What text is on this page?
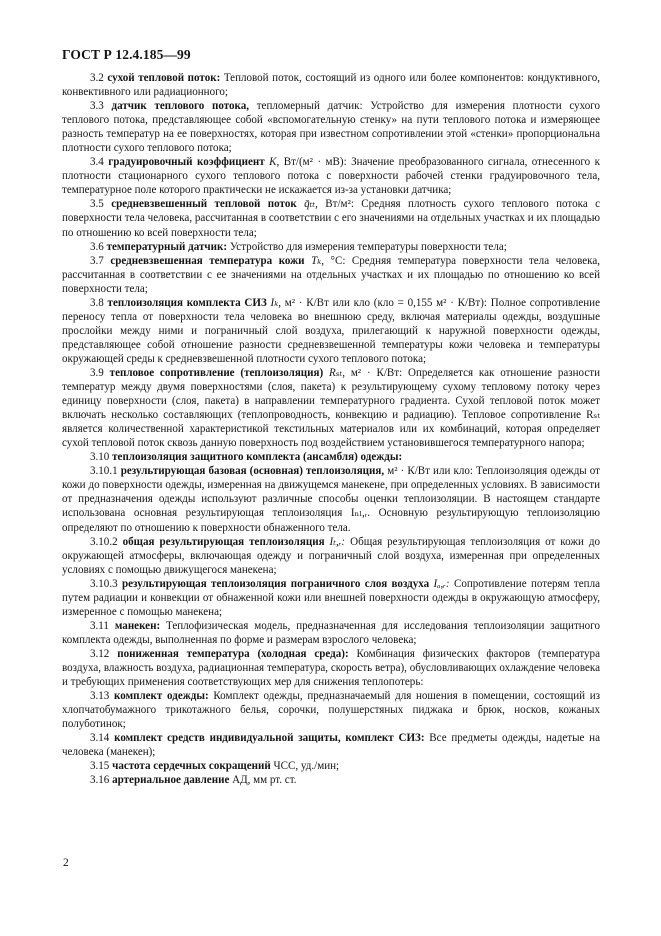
ГОСТ Р 12.4.185—99

3.2 сухой тепловой поток: Тепловой поток, состоящий из одного или более компонентов: кондуктивного, конвективного или радиационного;

3.3 датчик теплового потока, тепломерный датчик: Устройство для измерения плотности сухого теплового потока, представляющее собой «вспомогательную стенку» на пути теплового потока и измеряющее разность температур на ее поверхностях, которая при известном сопротивлении этой «стенки» пропорциональна плотности сухого теплового потока;

3.4 градуировочный коэффициент K, Вт/(м² · мВ): Значение преобразованного сигнала, отнесенного к плотности стационарного сухого теплового потока с поверхности рабочей стенки градуировочного тела, температурное поле которого практически не искажается из-за установки датчика;

3.5 средневзвешенный тепловой поток q̄ₜₜ, Вт/м²: Средняя плотность сухого теплового потока с поверхности тела человека, рассчитанная в соответствии с его значениями на отдельных участках и их площадью по отношению ко всей поверхности тела;

3.6 температурный датчик: Устройство для измерения температуры поверхности тела;

3.7 средневзвешенная температура кожи Tₖ, °С: Средняя температура поверхности тела человека, рассчитанная в соответствии с ее значениями на отдельных участках и их площадью по отношению ко всей поверхности тела;

3.8 теплоизоляция комплекта СИЗ Iₖ, м² · К/Вт или кло (кло = 0,155 м² · К/Вт): Полное сопротивление переносу тепла от поверхности тела человека во внешнюю среду, включая материалы одежды, воздушные прослойки между ними и пограничный слой воздуха, прилегающий к наружной поверхности одежды, представляющее собой отношение разности средневзвешенной температуры кожи человека и температуры окружающей среды к средневзвешенной плотности сухого теплового потока;

3.9 тепловое сопротивление (теплоизоляция) Rₛₜ, м² · К/Вт: Определяется как отношение разности температур между двумя поверхностями (слоя, пакета) к результирующему сухому тепловому потоку через единицу поверхности (слоя, пакета) в направлении температурного градиента. Сухой тепловой поток может включать несколько составляющих (теплопроводность, конвекцию и радиацию). Тепловое сопротивление Rₛₜ является количественной характеристикой текстильных материалов или их комбинаций, которая определяет сухой тепловой поток сквозь данную поверхность под воздействием установившегося температурного напора;

3.10 теплоизоляция защитного комплекта (ансамбля) одежды:

3.10.1 результирующая базовая (основная) теплоизоляция, м² · К/Вт или кло: Теплоизоляция одежды от кожи до поверхности одежды, измеренная на движущемся манекене, при определенных условиях. В зависимости от предназначения одежды используют различные способы оценки теплоизоляции. В настоящем стандарте использована основная результирующая теплоизоляция Iₙₗ,ᵣ. Основную результирующую теплоизоляцию определяют по отношению к поверхности обнаженного тела.

3.10.2 общая результирующая теплоизоляция Iₜ,ᵣ: Общая результирующая теплоизоляция от кожи до окружающей атмосферы, включающая одежду и пограничный слой воздуха, измеренная при определенных условиях с помощью движущегося манекена;

3.10.3 результирующая теплоизоляция пограничного слоя воздуха Iₐ,ᵣ: Сопротивление потерям тепла путем радиации и конвекции от обнаженной кожи или внешней поверхности одежды в окружающую атмосферу, измеренное с помощью манекена;

3.11 манекен: Теплофизическая модель, предназначенная для исследования теплоизоляции защитного комплекта одежды, выполненная по форме и размерам взрослого человека;

3.12 пониженная температура (холодная среда): Комбинация физических факторов (температура воздуха, влажность воздуха, радиационная температура, скорость ветра), обусловливающих охлаждение человека и требующих применения соответствующих мер для снижения теплопотерь:

3.13 комплект одежды: Комплект одежды, предназначаемый для ношения в помещении, состоящий из хлопчатобумажного трикотажного белья, сорочки, полушерстяных пиджака и брюк, носков, кожаных полуботинок;

3.14 комплект средств индивидуальной защиты, комплект СИЗ: Все предметы одежды, надетые на человека (манекен);

3.15 частота сердечных сокращений ЧСС, уд./мин;

3.16 артериальное давление АД, мм рт. ст.

2
